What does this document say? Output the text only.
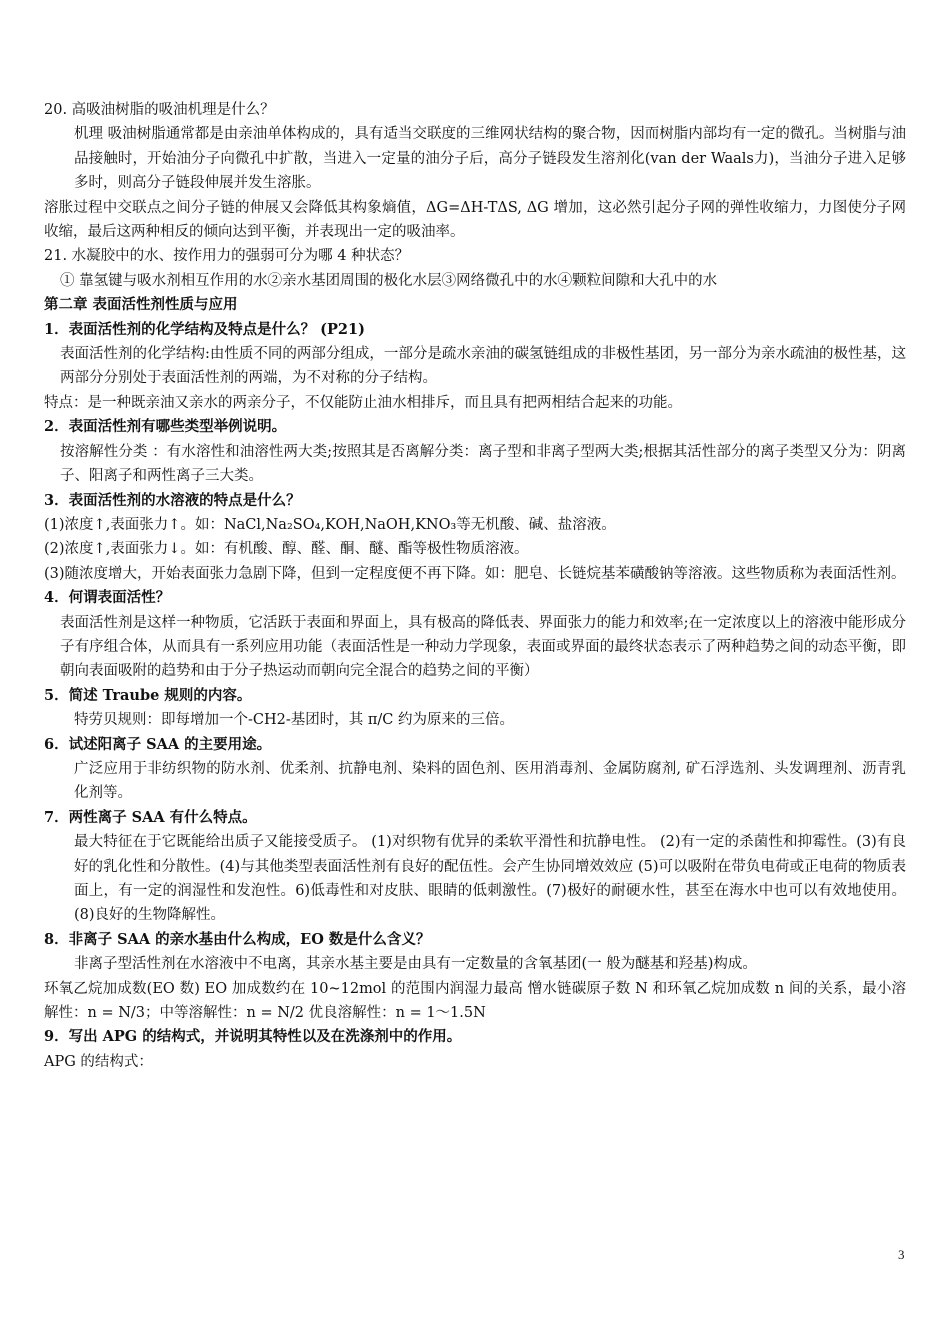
20. 高吸油树脂的吸油机理是什么？

机理 吸油树脂通常都是由亲油单体构成的，具有适当交联度的三维网状结构的聚合物，因而树脂内部均有一定的微孔。当树脂与油品接触时，开始油分子向微孔中扩散，当进入一定量的油分子后，高分子链段发生溶剂化(van der Waals力)，当油分子进入足够多时，则高分子链段伸展并发生溶胀。

溶胀过程中交联点之间分子链的伸展又会降低其构象熵值，ΔG=ΔH-TΔS, ΔG 增加，这必然引起分子网的弹性收缩力，力图使分子网收缩，最后这两种相反的倾向达到平衡，并表现出一定的吸油率。

21. 水凝胶中的水、按作用力的强弱可分为哪 4 种状态？

① 靠氢键与吸水剂相互作用的水②亲水基团周围的极化水层③网络微孔中的水④颗粒间隙和大孔中的水

第二章 表面活性剂性质与应用

1．表面活性剂的化学结构及特点是什么？ (P21)

表面活性剂的化学结构:由性质不同的两部分组成，一部分是疏水亲油的碳氢链组成的非极性基团，另一部分为亲水疏油的极性基，这两部分分别处于表面活性剂的两端，为不对称的分子结构。

特点：是一种既亲油又亲水的两亲分子，不仅能防止油水相排斥，而且具有把两相结合起来的功能。

2．表面活性剂有哪些类型举例说明。

按溶解性分类 ：有水溶性和油溶性两大类;按照其是否离解分类：离子型和非离子型两大类;根据其活性部分的离子类型又分为：阴离子、阳离子和两性离子三大类。

3．表面活性剂的水溶液的特点是什么？

(1)浓度↑,表面张力↑。如：NaCl,Na₂SO₄,KOH,NaOH,KNO₃等无机酸、碱、盐溶液。

(2)浓度↑,表面张力↓。如：有机酸、醇、醛、酮、醚、酯等极性物质溶液。

(3)随浓度增大，开始表面张力急剧下降，但到一定程度便不再下降。如：肥皂、长链烷基苯磺酸钠等溶液。这些物质称为表面活性剂。

4．何谓表面活性？

表面活性剂是这样一种物质，它活跃于表面和界面上，具有极高的降低表、界面张力的能力和效率;在一定浓度以上的溶液中能形成分子有序组合体，从而具有一系列应用功能（表面活性是一种动力学现象，表面或界面的最终状态表示了两种趋势之间的动态平衡，即朝向表面吸附的趋势和由于分子热运动而朝向完全混合的趋势之间的平衡）

5．简述 Traube 规则的内容。

特劳贝规则：即每增加一个-CH2-基团时，其 π/C 约为原来的三倍。

6．试述阳离子 SAA 的主要用途。

广泛应用于非纺织物的防水剂、优柔剂、抗静电剂、染料的固色剂、医用消毒剂、金属防腐剂, 矿石浮选剂、头发调理剂、沥青乳化剂等。

7．两性离子 SAA 有什么特点。

最大特征在于它既能给出质子又能接受质子。 (1)对织物有优异的柔软平滑性和抗静电性。 (2)有一定的杀菌性和抑霉性。(3)有良好的乳化性和分散性。(4)与其他类型表面活性剂有良好的配伍性。会产生协同增效效应 (5)可以吸附在带负电荷或正电荷的物质表面上，有一定的润湿性和发泡性。6)低毒性和对皮肤、眼睛的低刺激性。(7)极好的耐硬水性，甚至在海水中也可以有效地使用。(8)良好的生物降解性。

8．非离子 SAA 的亲水基由什么构成，EO 数是什么含义？

非离子型活性剂在水溶液中不电离，其亲水基主要是由具有一定数量的含氧基团(一 般为醚基和羟基)构成。

环氧乙烷加成数(EO 数) EO 加成数约在 10~12mol 的范围内润湿力最高 憎水链碳原子数 N 和环氧乙烷加成数 n 间的关系，最小溶解性：n = N/3；中等溶解性：n = N/2 优良溶解性：n = 1～1.5N

9．写出 APG 的结构式，并说明其特性以及在洗涤剂中的作用。

APG 的结构式：

3
